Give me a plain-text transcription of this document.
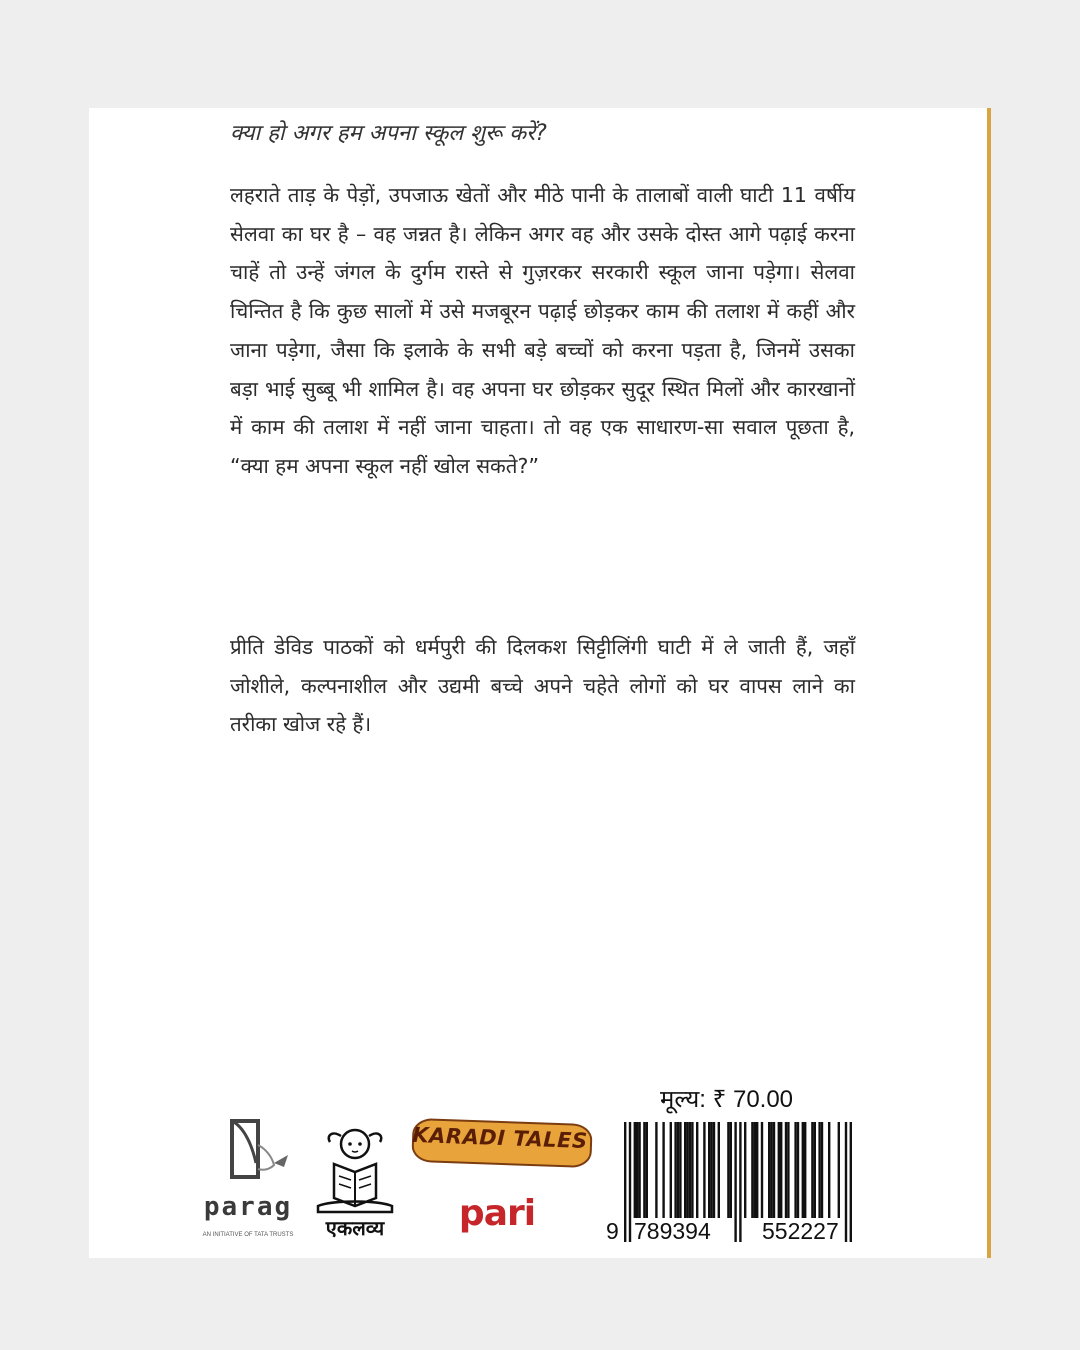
क्या हो अगर हम अपना स्कूल शुरू करें?

लहराते ताड़ के पेड़ों, उपजाऊ खेतों और मीठे पानी के तालाबों वाली घाटी 11 वर्षीय सेलवा का घर है – वह जन्नत है। लेकिन अगर वह और उसके दोस्त आगे पढ़ाई करना चाहें तो उन्हें जंगल के दुर्गम रास्ते से गुज़रकर सरकारी स्कूल जाना पड़ेगा। सेलवा चिन्तित है कि कुछ सालों में उसे मजबूरन पढ़ाई छोड़कर काम की तलाश में कहीं और जाना पड़ेगा, जैसा कि इलाके के सभी बड़े बच्चों को करना पड़ता है, जिनमें उसका बड़ा भाई सुब्बू भी शामिल है। वह अपना घर छोड़कर सुदूर स्थित मिलों और कारखानों में काम की तलाश में नहीं जाना चाहता। तो वह एक साधारण-सा सवाल पूछता है, “क्या हम अपना स्कूल नहीं खोल सकते?”

प्रीति डेविड पाठकों को धर्मपुरी की दिलकश सिट्टीलिंगी घाटी में ले जाती हैं, जहाँ जोशीले, कल्पनाशील और उद्यमी बच्चे अपने चहेते लोगों को घर वापस लाने का तरीका खोज रहे हैं।

parag
AN INITIATIVE OF TATA TRUSTS	एकलव्य
KARADI TALES
pari
मूल्य: ₹ 70.00
9 789394 552227
